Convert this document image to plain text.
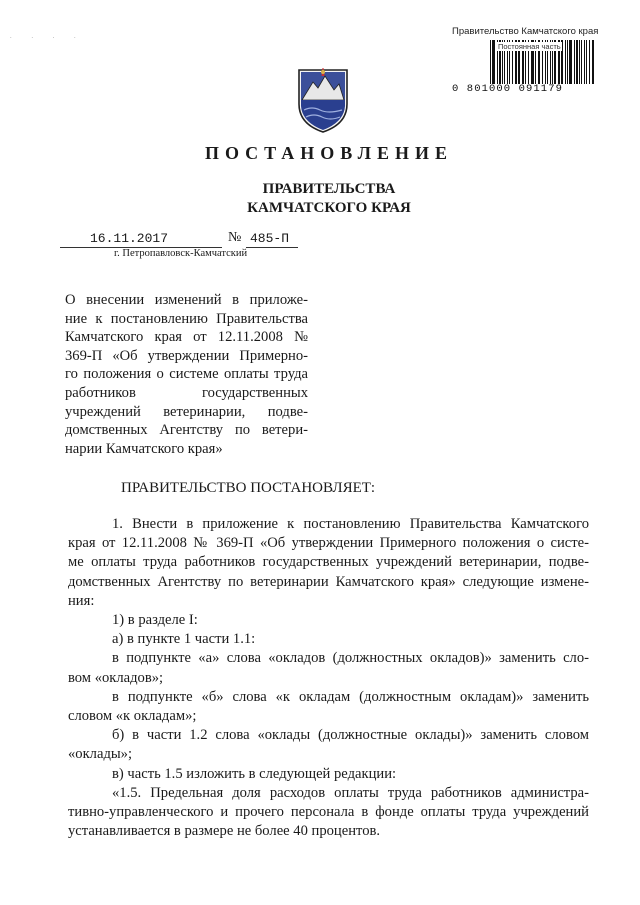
. . . .	Правительство Камчатского края
Постоянная часть
0 801000 091179
ПОСТАНОВЛЕНИЕ
ПРАВИТЕЛЬСТВА
КАМЧАТСКОГО КРАЯ
16.11.2017	№ 485-П
г. Петропавловск-Камчатский
О внесении изменений в приложе-
ние к постановлению Правительства
Камчатского края от 12.11.2008 №
369-П «Об утверждении Примерно-
го положения о системе оплаты труда
работников государственных
учреждений ветеринарии, подве-
домственных Агентству по ветери-
нарии Камчатского края»
ПРАВИТЕЛЬСТВО ПОСТАНОВЛЯЕТ:
1. Внести в приложение к постановлению Правительства Камчатского
края от 12.11.2008 № 369-П «Об утверждении Примерного положения о систе-
ме оплаты труда работников государственных учреждений ветеринарии, подве-
домственных Агентству по ветеринарии Камчатского края» следующие измене-
ния:
1) в разделе I:
а) в пункте 1 части 1.1:
в подпункте «а» слова «окладов (должностных окладов)» заменить сло-
вом «окладов»;
в подпункте «б» слова «к окладам (должностным окладам)» заменить
словом «к окладам»;
б) в части 1.2 слова «оклады (должностные оклады)» заменить словом
«оклады»;
в) часть 1.5 изложить в следующей редакции:
«1.5. Предельная доля расходов оплаты труда работников администра-
тивно-управленческого и прочего персонала в фонде оплаты труда учреждений
устанавливается в размере не более 40 процентов.
